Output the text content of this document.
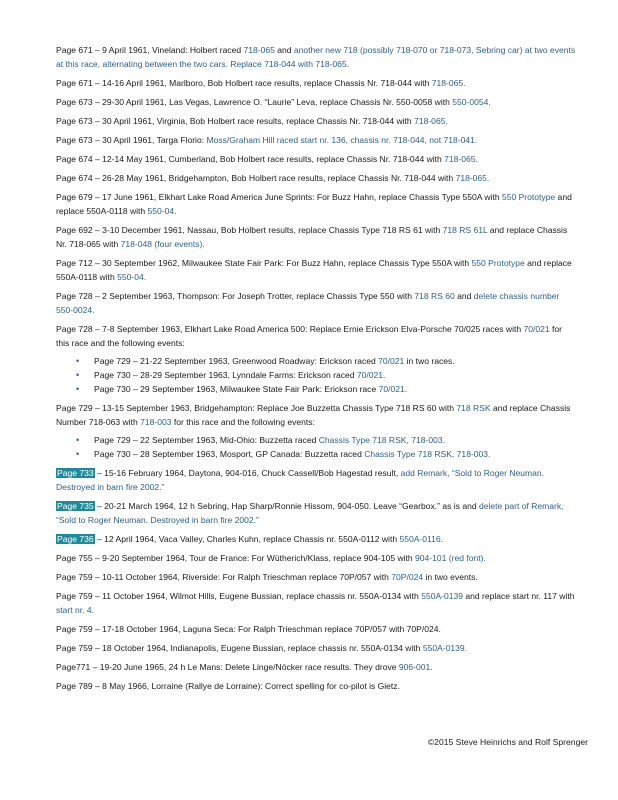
Page 671 – 9 April 1961, Vineland: Holbert raced 718-065 and another new 718 (possibly 718-070 or 718-073, Sebring car) at two events at this race, alternating between the two cars. Replace 718-044 with 718-065.

Page 671 – 14-16 April 1961, Marlboro, Bob Holbert race results, replace Chassis Nr. 718-044 with 718-065.

Page 673 – 29-30 April 1961, Las Vegas, Lawrence O. “Laurie” Leva, replace Chassis Nr. 550-0058 with 550-0054.

Page 673 – 30 April 1961, Virginia, Bob Holbert race results, replace Chassis Nr. 718-044 with 718-065.

Page 673 – 30 April 1961, Targa Florio: Moss/Graham Hill raced start nr. 136, chassis nr. 718-044, not 718-041.

Page 674 – 12-14 May 1961, Cumberland, Bob Holbert race results, replace Chassis Nr. 718-044 with 718-065.

Page 674 – 26-28 May 1961, Bridgehampton, Bob Holbert race results, replace Chassis Nr. 718-044 with 718-065.

Page 679 – 17 June 1961, Elkhart Lake Road America June Sprints: For Buzz Hahn, replace Chassis Type 550A with 550 Prototype and replace 550A-0118 with 550-04.

Page 692 – 3-10 December 1961, Nassau, Bob Holbert results, replace Chassis Type 718 RS 61 with 718 RS 61L and replace Chassis Nr. 718-065 with 718-048 (four events).

Page 712 – 30 September 1962, Milwaukee State Fair Park: For Buzz Hahn, replace Chassis Type 550A with 550 Prototype and replace 550A-0118 with 550-04.

Page 728 – 2 September 1963, Thompson: For Joseph Trotter, replace Chassis Type 550 with 718 RS 60 and delete chassis number 550-0024.

Page 728 – 7-8 September 1963, Elkhart Lake Road America 500: Replace Ernie Erickson Elva-Porsche 70/025 races with 70/021 for this race and the following events:

• Page 729 – 21-22 September 1963, Greenwood Roadway: Erickson raced 70/021 in two races.
• Page 730 – 28-29 September 1963, Lynndale Farms: Erickson raced 70/021.
• Page 730 – 29 September 1963, Milwaukee State Fair Park: Erickson race 70/021.

Page 729 – 13-15 September 1963, Bridgehampton: Replace Joe Buzzetta Chassis Type 718 RS 60 with 718 RSK and replace Chassis Number 718-063 with 718-003 for this race and the following events:

• Page 729 – 22 September 1963, Mid-Ohio: Buzzetta raced Chassis Type 718 RSK, 718-003.
• Page 730 – 28 September 1963, Mosport, GP Canada: Buzzetta raced Chassis Type 718 RSK, 718-003.

Page 733 – 15-16 February 1964, Daytona, 904-016, Chuck Cassell/Bob Hagestad result, add Remark, “Sold to Roger Neuman. Destroyed in barn fire 2002.”

Page 735 – 20-21 March 1964, 12 h Sebring, Hap Sharp/Ronnie Hissom, 904-050. Leave “Gearbox.” as is and delete part of Remark, “Sold to Roger Neuman. Destroyed in barn fire 2002.”

Page 736 – 12 April 1964, Vaca Valley, Charles Kuhn, replace Chassis nr. 550A-0112 with 550A-0116.

Page 755 – 9-20 September 1964, Tour de France: For Wütherich/Klass, replace 904-105 with 904-101 (red font).

Page 759 – 10-11 October 1964, Riverside: For Ralph Trieschman replace 70P/057 with 70P/024 in two events.

Page 759 – 11 October 1964, Wilmot Hills, Eugene Bussian, replace chassis nr. 550A-0134 with 550A-0139 and replace start nr. 117 with start nr. 4.

Page 759 – 17-18 October 1964, Laguna Seca: For Ralph Trieschman replace 70P/057 with 70P/024.

Page 759 – 18 October 1964, Indianapolis, Eugene Bussian, replace chassis nr. 550A-0134 with 550A-0139.

Page771 – 19-20 June 1965, 24 h Le Mans: Delete Linge/Nöcker race results. They drove 906-001.

Page 789 – 8 May 1966, Lorraine (Rallye de Lorraine): Correct spelling for co-pilot is Gietz.

©2015 Steve Heinrichs and Rolf Sprenger
